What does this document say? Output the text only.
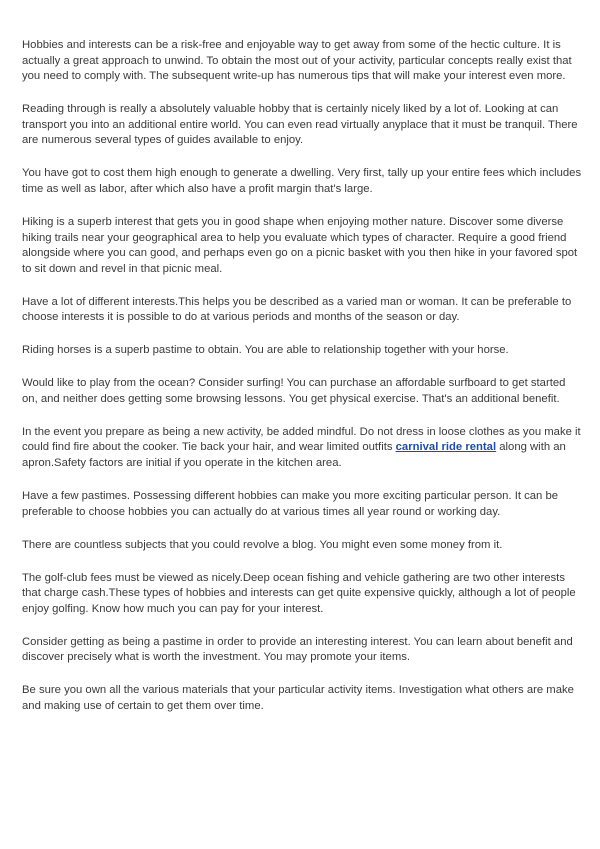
Hobbies and interests can be a risk-free and enjoyable way to get away from some of the hectic culture. It is actually a great approach to unwind. To obtain the most out of your activity, particular concepts really exist that you need to comply with. The subsequent write-up has numerous tips that will make your interest even more.

Reading through is really a absolutely valuable hobby that is certainly nicely liked by a lot of. Looking at can transport you into an additional entire world. You can even read virtually anyplace that it must be tranquil. There are numerous several types of guides available to enjoy.

You have got to cost them high enough to generate a dwelling. Very first, tally up your entire fees which includes time as well as labor, after which also have a profit margin that's large.

Hiking is a superb interest that gets you in good shape when enjoying mother nature. Discover some diverse hiking trails near your geographical area to help you evaluate which types of character. Require a good friend alongside where you can good, and perhaps even go on a picnic basket with you then hike in your favored spot to sit down and revel in that picnic meal.

Have a lot of different interests.This helps you be described as a varied man or woman. It can be preferable to choose interests it is possible to do at various periods and months of the season or day.

Riding horses is a superb pastime to obtain. You are able to relationship together with your horse.

Would like to play from the ocean? Consider surfing! You can purchase an affordable surfboard to get started on, and neither does getting some browsing lessons. You get physical exercise. That's an additional benefit.

In the event you prepare as being a new activity, be added mindful. Do not dress in loose clothes as you make it could find fire about the cooker. Tie back your hair, and wear limited outfits carnival ride rental along with an apron.Safety factors are initial if you operate in the kitchen area.

Have a few pastimes. Possessing different hobbies can make you more exciting particular person. It can be preferable to choose hobbies you can actually do at various times all year round or working day.

There are countless subjects that you could revolve a blog. You might even some money from it.

The golf-club fees must be viewed as nicely.Deep ocean fishing and vehicle gathering are two other interests that charge cash.These types of hobbies and interests can get quite expensive quickly, although a lot of people enjoy golfing. Know how much you can pay for your interest.

Consider getting as being a pastime in order to provide an interesting interest. You can learn about benefit and discover precisely what is worth the investment. You may promote your items.

Be sure you own all the various materials that your particular activity items. Investigation what others are make and making use of certain to get them over time.
